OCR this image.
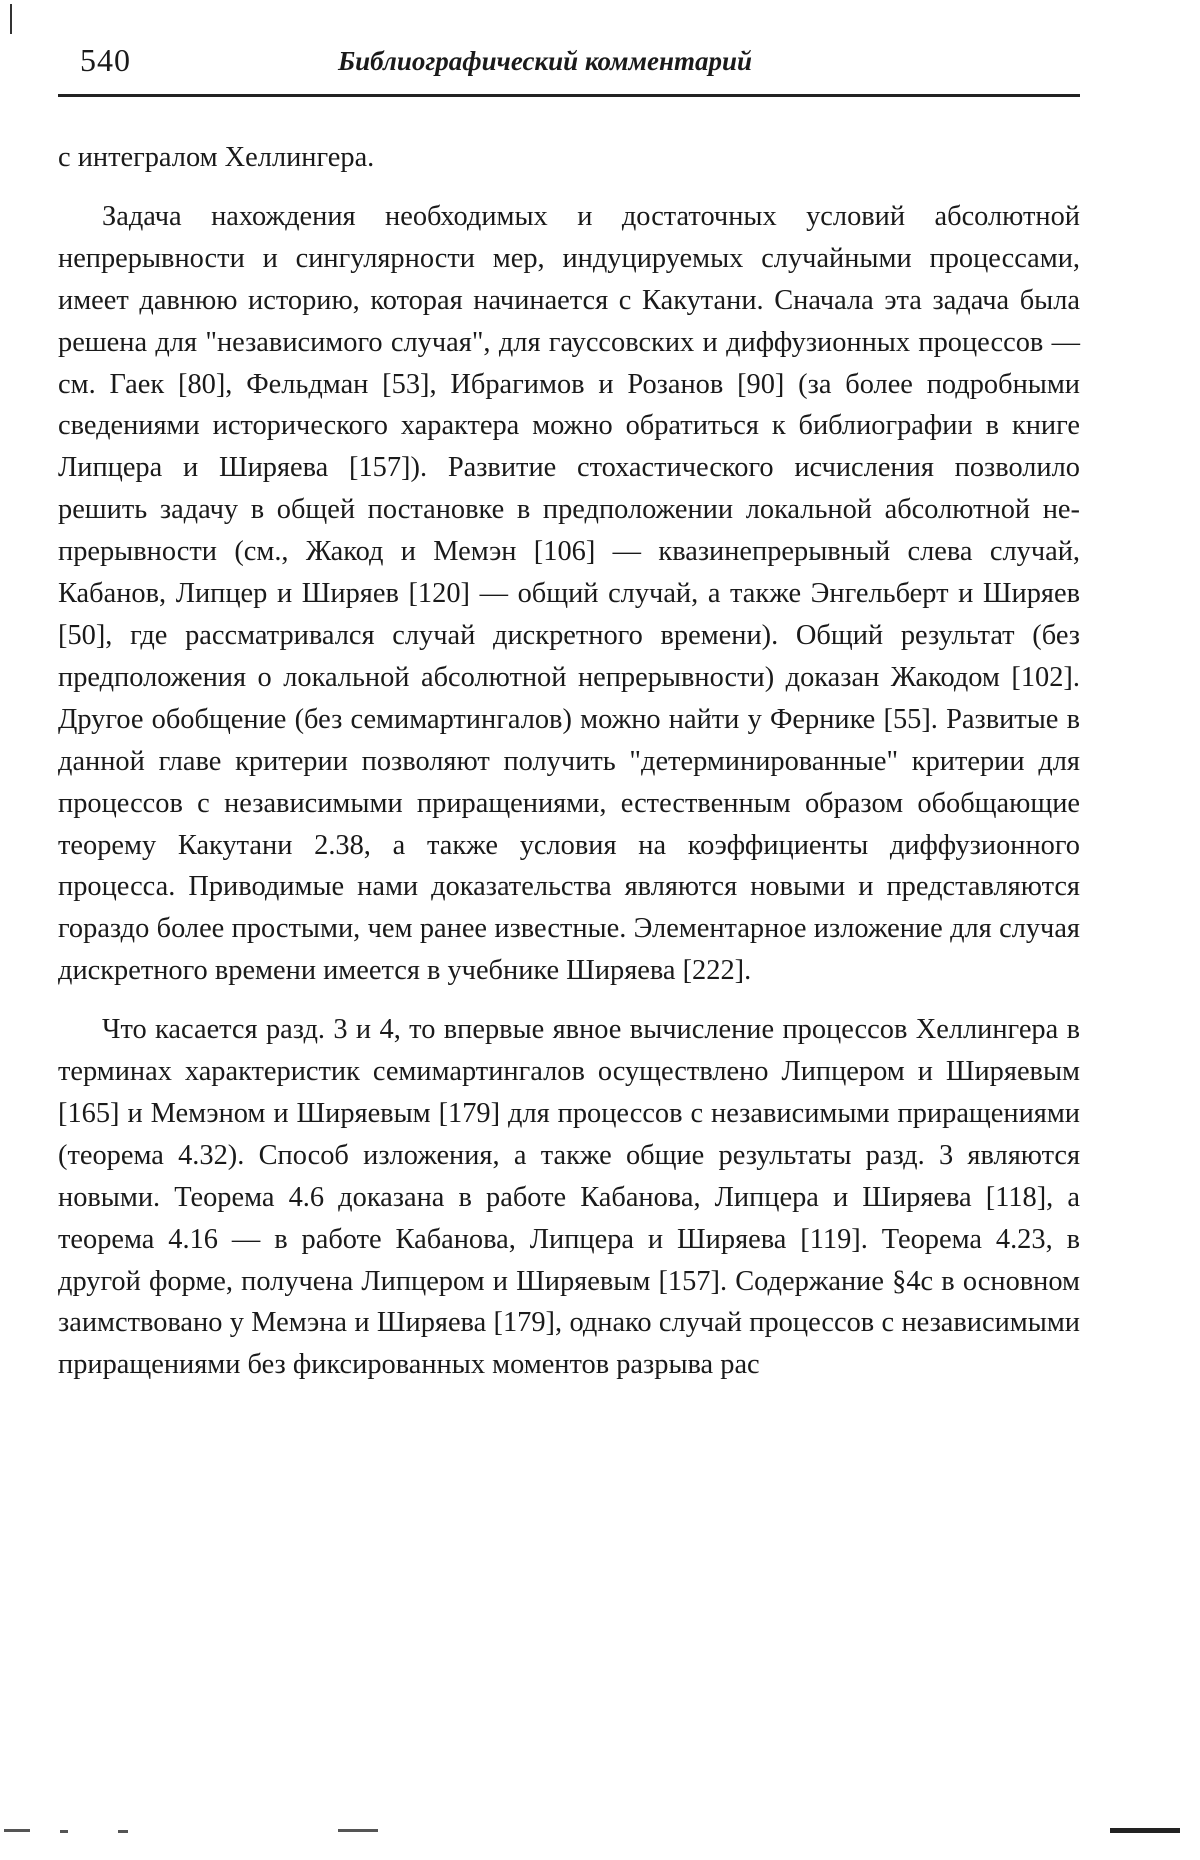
540	Библиографический комментарий

с интегралом Хеллингера.

Задача нахождения необходимых и достаточных условий абсолютной непрерывности и сингулярности мер, индуцируемых случайными процессами, имеет давнюю историю, которая начинается с Какутани. Сначала эта задача была решена для "независимого случая", для гауссовских и диффузионных процессов — см. Гаек [80], Фельдман [53], Ибрагимов и Розанов [90] (за более подробными сведениями исторического характера можно обратиться к библиографии в книге Липцера и Ширяева [157]). Развитие стохастического исчисления позволило решить задачу в общей постановке в предположении локальной абсолютной непрерывности (см., Жакод и Мемэн [106] — квазинепрерывный слева случай, Кабанов, Липцер и Ширяев [120] — общий случай, а также Энгельберт и Ширяев [50], где рассматривался случай дискретного времени). Общий результат (без предположения о локальной абсолютной непрерывности) доказан Жакодом [102]. Другое обобщение (без семимартингалов) можно найти у Фернике [55]. Развитые в данной главе критерии позволяют получить "детерминированные" критерии для процессов с независимыми приращениями, естественным образом обобщающие теорему Какутани 2.38, а также условия на коэффициенты диффузионного процесса. Приводимые нами доказательства являются новыми и представляются гораздо более простыми, чем ранее известные. Элементарное изложение для случая дискретного времени имеется в учебнике Ширяева [222].

Что касается разд. 3 и 4, то впервые явное вычисление процессов Хеллингера в терминах характеристик семимартингалов осуществлено Липцером и Ширяевым [165] и Мемэном и Ширяевым [179] для процессов с независимыми приращениями (теорема 4.32). Способ изложения, а также общие результаты разд. 3 являются новыми. Теорема 4.6 доказана в работе Кабанова, Липцера и Ширяева [118], а теорема 4.16 — в работе Кабанова, Липцера и Ширяева [119]. Теорема 4.23, в другой форме, получена Липцером и Ширяевым [157]. Содержание §4с в основном заимствовано у Мемэна и Ширяева [179], однако случай процессов с независимыми приращениями без фиксированных моментов разрыва рас
